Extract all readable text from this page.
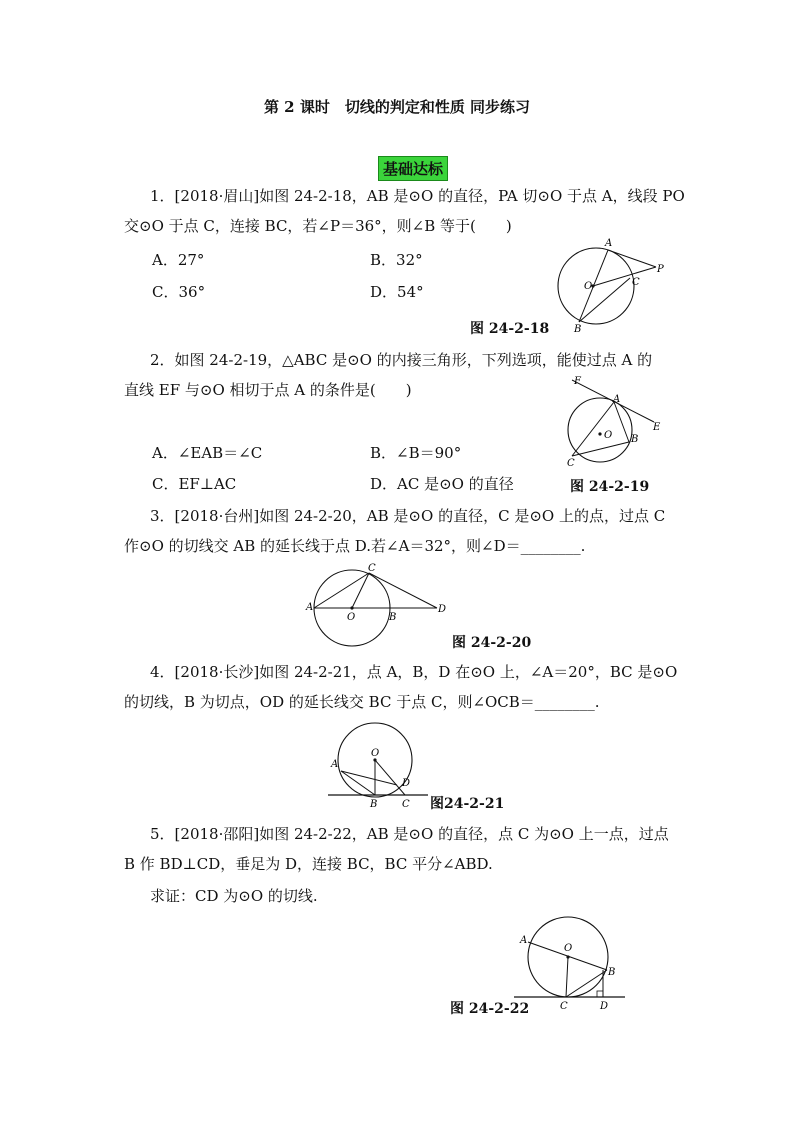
第 2 课时　切线的判定和性质 同步练习
基础达标
1．[2018·眉山]如图 24-2-18，AB 是⊙O 的直径，PA 切⊙O 于点 A，线段 PO
交⊙O 于点 C，连接 BC，若∠P＝36°，则∠B 等于(　　)
A．27°	B．32°
C．36°	D．54°
A
P
O	C
B
图 24-2-18
2．如图 24-2-19，△ABC 是⊙O 的内接三角形，下列选项，能使过点 A 的
直线 EF 与⊙O 相切于点 A 的条件是(　　)
A．∠EAB＝∠C	B．∠B＝90°
C．EF⊥AC	D．AC 是⊙O 的直径
F
A
E
O B
C
图 24-2-19
3．[2018·台州]如图 24-2-20，AB 是⊙O 的直径，C 是⊙O 上的点，过点 C
作⊙O 的切线交 AB 的延长线于点 D.若∠A＝32°，则∠D＝________.
C
A
O	B
D
图 24-2-20
4．[2018·长沙]如图 24-2-21，点 A，B，D 在⊙O 上，∠A＝20°，BC 是⊙O
的切线，B 为切点，OD 的延长线交 BC 于点 C，则∠OCB＝________.
O
A
D
B C 图24-2-21
5．[2018·邵阳]如图 24-2-22，AB 是⊙O 的直径，点 C 为⊙O 上一点，过点
B 作 BD⊥CD，垂足为 D，连接 BC，BC 平分∠ABD.
求证：CD 为⊙O 的切线.
A
O
B
C	D
图 24-2-22
